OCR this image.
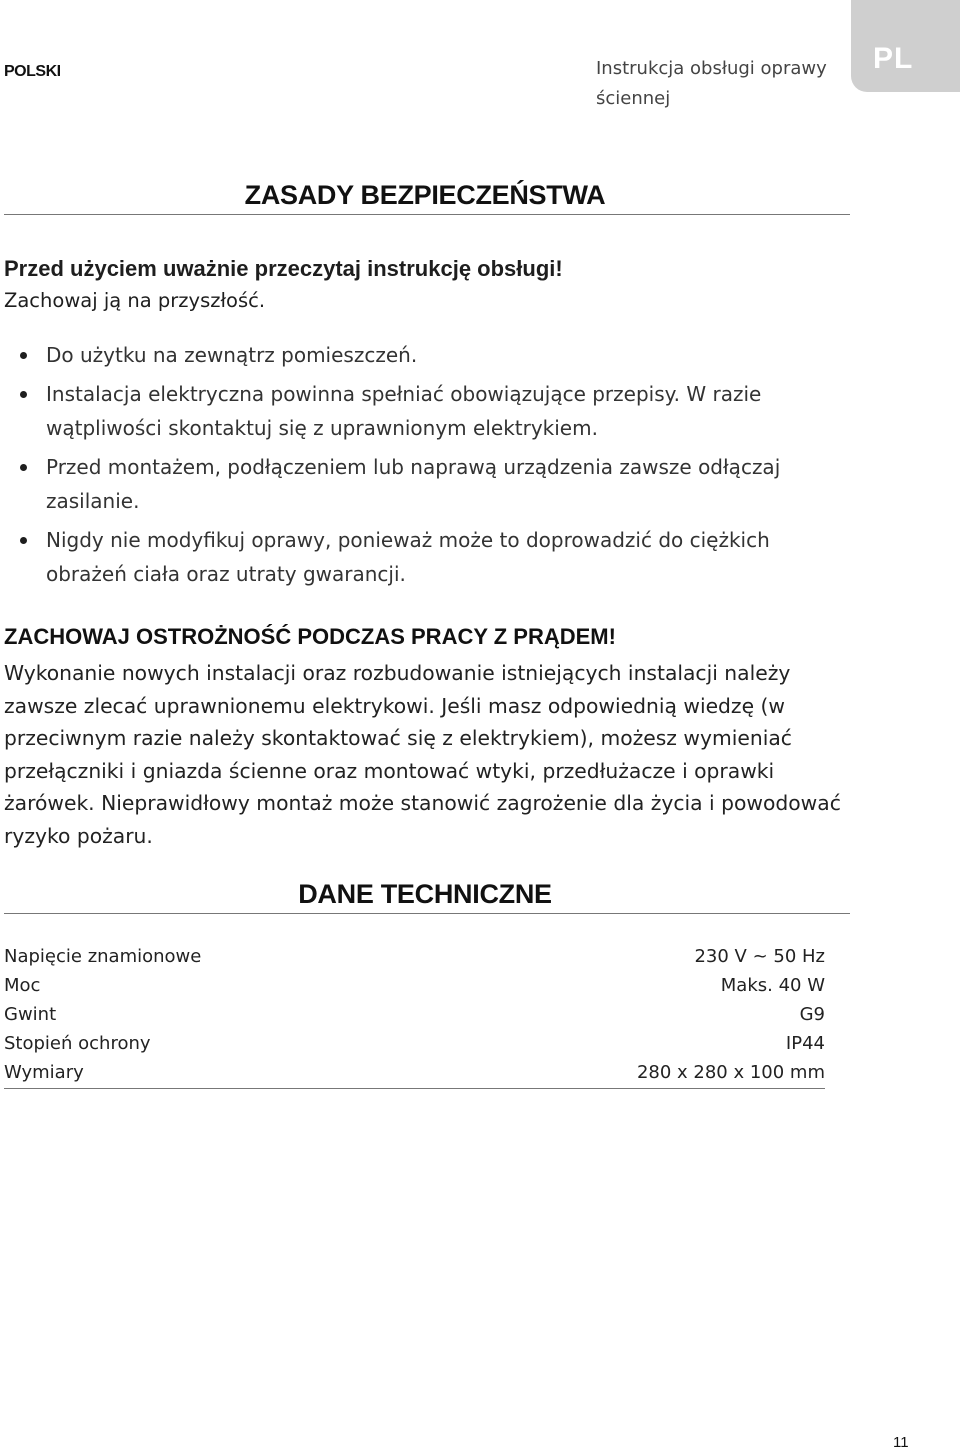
PL
POLSKI	Instrukcja obsługi oprawy ściennej
ZASADY BEZPIECZEŃSTWA
Przed użyciem uważnie przeczytaj instrukcję obsługi!
Zachowaj ją na przyszłość.
Do użytku na zewnątrz pomieszczeń.
Instalacja elektryczna powinna spełniać obowiązujące przepisy. W razie wątpliwości skontaktuj się z uprawnionym elektrykiem.
Przed montażem, podłączeniem lub naprawą urządzenia zawsze odłączaj zasilanie.
Nigdy nie modyfikuj oprawy, ponieważ może to doprowadzić do ciężkich obrażeń ciała oraz utraty gwarancji.
ZACHOWAJ OSTROŻNOŚĆ PODCZAS PRACY Z PRĄDEM!
Wykonanie nowych instalacji oraz rozbudowanie istniejących instalacji należy zawsze zlecać uprawnionemu elektrykowi. Jeśli masz odpowiednią wiedzę (w przeciwnym razie należy skontaktować się z elektrykiem), możesz wymieniać przełączniki i gniazda ścienne oraz montować wtyki, przedłużacze i oprawki żarówek. Nieprawidłowy montaż może stanowić zagrożenie dla życia i powodować ryzyko pożaru.
DANE TECHNICZNE
Napięcie znamionowe	230 V ~ 50 Hz
Moc	Maks. 40 W
Gwint	G9
Stopień ochrony	IP44
Wymiary	280 x 280 x 100 mm
11
